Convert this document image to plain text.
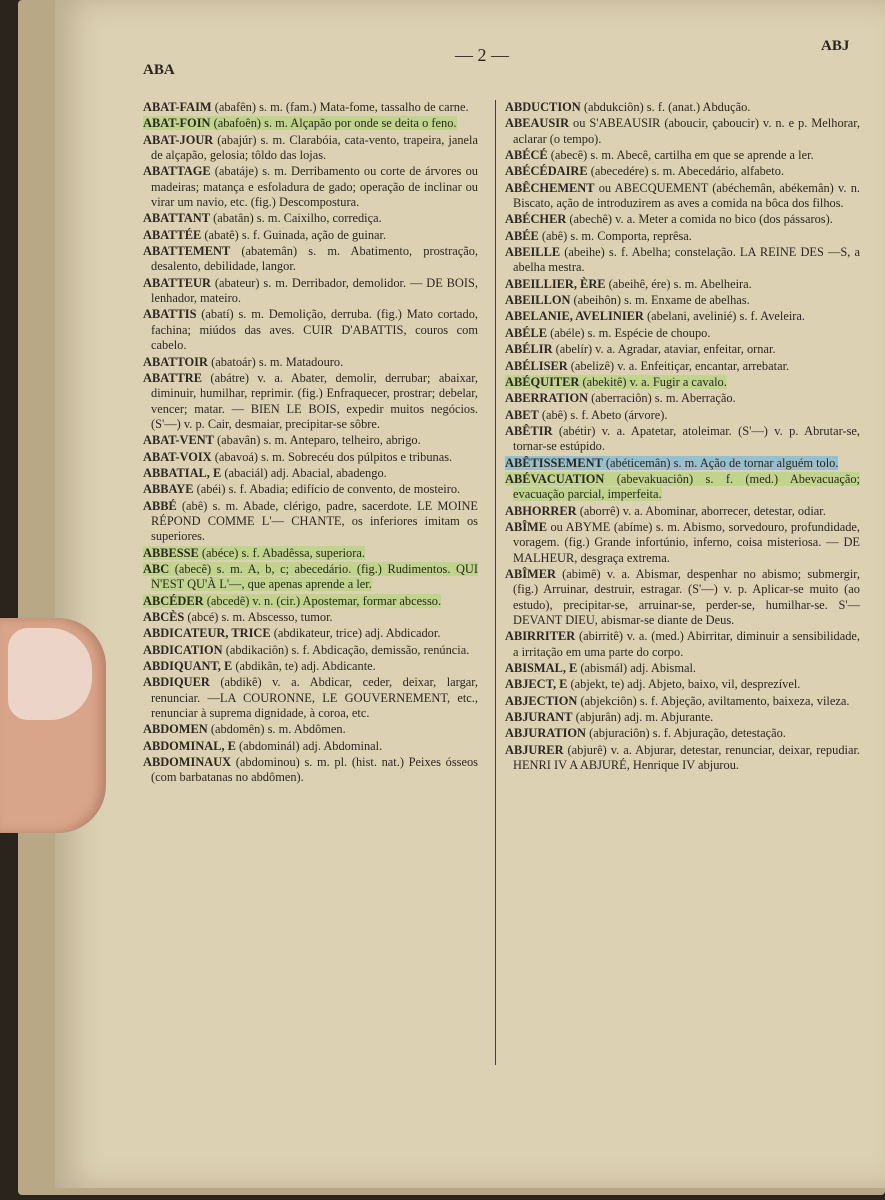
ABA
— 2 —	ABJ
ABAT-FAIM (abafên) s. m. (fam.) Mata-fome, tassalho de carne.
ABAT-FOIN (abafoên) s. m. Alçapão por onde se deita o feno.
ABAT-JOUR (abajúr) s. m. Clarabóia, cata-vento, trapeira, janela de alçapão, gelosia; tôldo das lojas.
ABATTAGE (abatáje) s. m. Derribamento ou corte de árvores ou madeiras; matança e esfoladura de gado; operação de inclinar ou virar um navio, etc. (fig.) Descompostura.
ABATTANT (abatân) s. m. Caixilho, corrediça.
ABATTÉE (abatê) s. f. Guinada, ação de guinar.
ABATTEMENT (abatemân) s. m. Abatimento, prostração, desalento, debilidade, langor.
ABATTEUR (abateur) s. m. Derribador, demolidor. — DE BOIS, lenhador, mateiro.
ABATTIS (abatí) s. m. Demolição, derruba. (fig.) Mato cortado, fachina; miúdos das aves. CUIR D'ABATTIS, couros com cabelo.
ABATTOIR (abatoár) s. m. Matadouro.
ABATTRE (abátre) v. a. Abater, demolir, derrubar; abaixar, diminuir, humilhar, reprimir. (fig.) Enfraquecer, prostrar; debelar, vencer; matar. — BIEN LE BOIS, expedir muitos negócios. (S'—) v. p. Cair, desmaiar, precipitar-se sôbre.
ABAT-VENT (abavân) s. m. Anteparo, telheiro, abrigo.
ABAT-VOIX (abavoá) s. m. Sobrecéu dos púlpitos e tribunas.
ABBATIAL, E (abaciál) adj. Abacial, abadengo.
ABBAYE (abéi) s. f. Abadia; edifício de convento, de mosteiro.
ABBÉ (abê) s. m. Abade, clérigo, padre, sacerdote. LE MOINE RÉPOND COMME L'— CHANTE, os inferiores imitam os superiores.
ABBESSE (abéce) s. f. Abadêssa, superiora.
ABC (abecê) s. m. A, b, c; abecedário. (fig.) Rudimentos. QUI N'EST QU'À L'—, que apenas aprende a ler.
ABCÉDER (abcedê) v. n. (cir.) Apostemar, formar abcesso.
ABCÈS (abcé) s. m. Abscesso, tumor.
ABDICATEUR, TRICE (abdikateur, trice) adj. Abdicador.
ABDICATION (abdikaciôn) s. f. Abdicação, demissão, renúncia.
ABDIQUANT, E (abdikân, te) adj. Abdicante.
ABDIQUER (abdikê) v. a. Abdicar, ceder, deixar, largar, renunciar. —LA COURONNE, LE GOUVERNEMENT, etc., renunciar à suprema dignidade, à coroa, etc.
ABDOMEN (abdomên) s. m. Abdômen.
ABDOMINAL, E (abdominál) adj. Abdominal.
ABDOMINAUX (abdominou) s. m. pl. (hist. nat.) Peixes ósseos (com barbatanas no abdômen).
ABDUCTION (abdukciôn) s. f. (anat.) Abdução.
ABEAUSIR ou S'ABEAUSIR (aboucir, çaboucir) v. n. e p. Melhorar, aclarar (o tempo).
ABÉCÉ (abecê) s. m. Abecê, cartilha em que se aprende a ler.
ABÉCÉDAIRE (abecedére) s. m. Abecedário, alfabeto.
ABÊCHEMENT ou ABECQUEMENT (abéchemân, abékemân) v. n. Biscato, ação de introduzirem as aves a comida na bôca dos filhos.
ABÉCHER (abechê) v. a. Meter a comida no bico (dos pássaros).
ABÉE (abê) s. m. Comporta, reprêsa.
ABEILLE (abeihe) s. f. Abelha; constelação. LA REINE DES —S, a abelha mestra.
ABEILLIER, ÈRE (abeihê, ére) s. m. Abelheira.
ABEILLON (abeihôn) s. m. Enxame de abelhas.
ABELANIE, AVELINIER (abelani, avelinié) s. f. Aveleira.
ABÉLE (abéle) s. m. Espécie de choupo.
ABÉLIR (abelír) v. a. Agradar, ataviar, enfeitar, ornar.
ABÉLISER (abelizê) v. a. Enfeitiçar, encantar, arrebatar.
ABÉQUITER (abekitê) v. a. Fugir a cavalo.
ABERRATION (aberraciôn) s. m. Aberração.
ABET (abê) s. f. Abeto (árvore).
ABÊTIR (abétir) v. a. Apatetar, atoleimar. (S'—) v. p. Abrutar-se, tornar-se estúpido.
ABÊTISSEMENT (abéticemân) s. m. Ação de tornar alguém tolo.
ABÉVACUATION (abevakuaciôn) s. f. (med.) Abevacuação; evacuação parcial, imperfeita.
ABHORRER (aborrê) v. a. Abominar, aborrecer, detestar, odiar.
ABÎME ou ABYME (abíme) s. m. Abismo, sorvedouro, profundidade, voragem. (fig.) Grande infortúnio, inferno, coisa misteriosa. — DE MALHEUR, desgraça extrema.
ABÎMER (abimê) v. a. Abismar, despenhar no abismo; submergir, (fig.) Arruinar, destruir, estragar. (S'—) v. p. Aplicar-se muito (ao estudo), precipitar-se, arruinar-se, perder-se, humilhar-se. S'— DEVANT DIEU, abismar-se diante de Deus.
ABIRRITER (abirritê) v. a. (med.) Abirritar, diminuir a sensibilidade, a irritação em uma parte do corpo.
ABISMAL, E (abismál) adj. Abismal.
ABJECT, E (abjekt, te) adj. Abjeto, baixo, vil, desprezível.
ABJECTION (abjekciôn) s. f. Abjeção, aviltamento, baixeza, vileza.
ABJURANT (abjurân) adj. m. Abjurante.
ABJURATION (abjuraciôn) s. f. Abjuração, detestação.
ABJURER (abjurê) v. a. Abjurar, detestar, renunciar, deixar, repudiar. HENRI IV A ABJURÉ, Henrique IV abjurou.
